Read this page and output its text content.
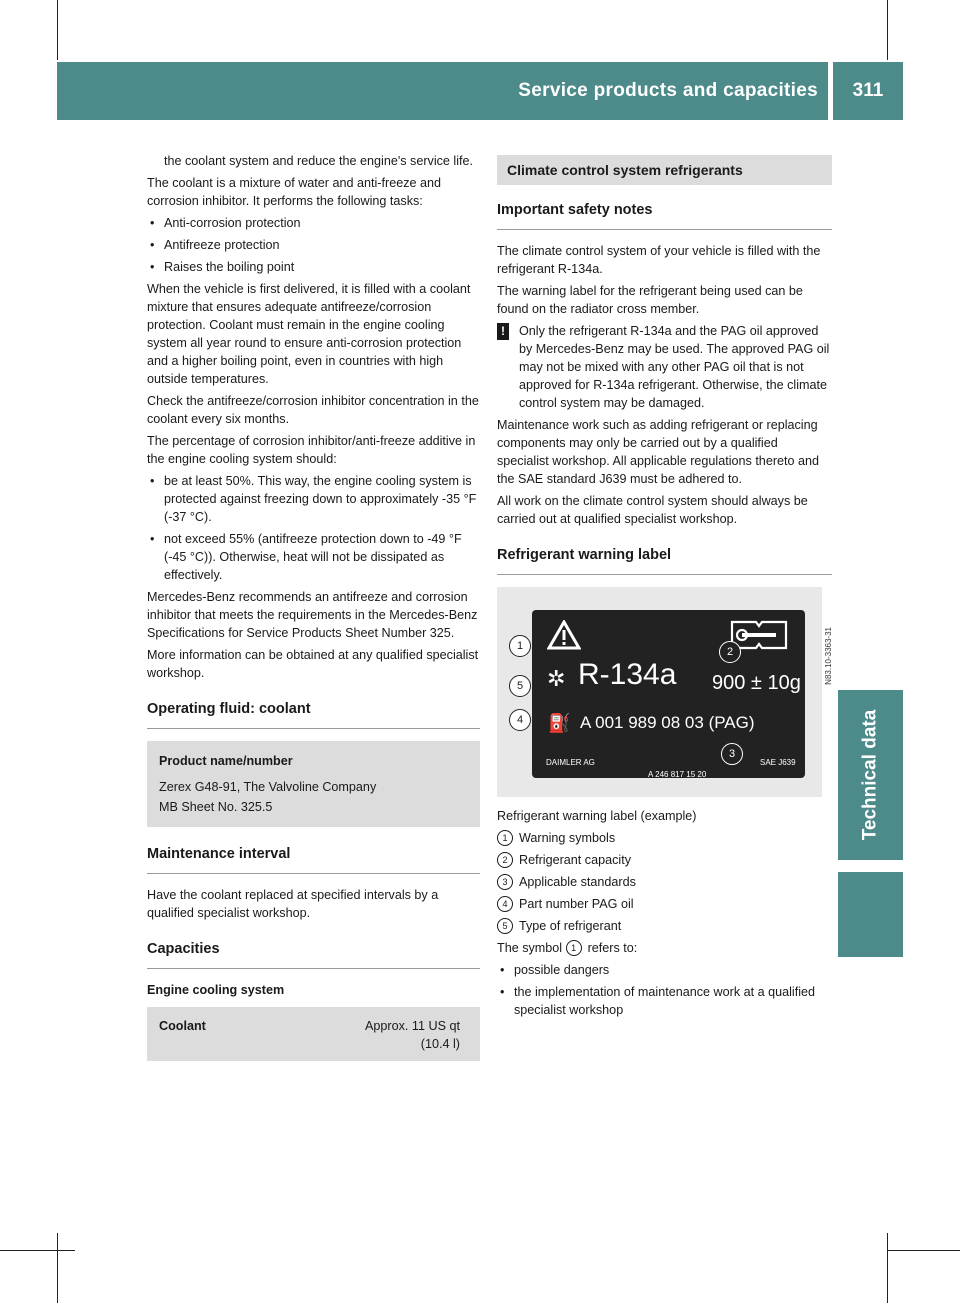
Service products and capacities 311
Technical data

the coolant system and reduce the engine's service life.

The coolant is a mixture of water and anti-freeze and corrosion inhibitor. It performs the following tasks:

• Anti-corrosion protection
• Antifreeze protection
• Raises the boiling point

When the vehicle is first delivered, it is filled with a coolant mixture that ensures adequate antifreeze/corrosion protection. Coolant must remain in the engine cooling system all year round to ensure anti-corrosion protection and a higher boiling point, even in countries with high outside temperatures.

Check the antifreeze/corrosion inhibitor concentration in the coolant every six months.

The percentage of corrosion inhibitor/anti-freeze additive in the engine cooling system should:

• be at least 50%. This way, the engine cooling system is protected against freezing down to approximately -35 °F (-37 °C).
• not exceed 55% (antifreeze protection down to -49 °F (-45 °C)). Otherwise, heat will not be dissipated as effectively.

Mercedes-Benz recommends an antifreeze and corrosion inhibitor that meets the requirements in the Mercedes-Benz Specifications for Service Products Sheet Number 325.

More information can be obtained at any qualified specialist workshop.

Operating fluid: coolant
Product name/number
Zerex G48-91, The Valvoline Company
MB Sheet No. 325.5
Maintenance interval

Have the coolant replaced at specified intervals by a qualified specialist workshop.

Capacities
Engine cooling system
Coolant	Approx. 11 US qt
(10.4 l)
Climate control system refrigerants
Important safety notes

The climate control system of your vehicle is filled with the refrigerant R-134a.

The warning label for the refrigerant being used can be found on the radiator cross member.

!	Only the refrigerant R-134a and the PAG oil approved by Mercedes-Benz may be used. The approved PAG oil may not be mixed with any other PAG oil that is not approved for R-134a refrigerant. Otherwise, the climate control system may be damaged.

Maintenance work such as adding refrigerant or replacing components may only be carried out by a qualified specialist workshop. All applicable regulations thereto and the SAE standard J639 must be adhered to.

All work on the climate control system should always be carried out at qualified specialist workshop.

Refrigerant warning label
✲ R-134a 900 ± 10g
⛽ A 001 989 08 03 (PAG)
DAIMLER AG
A 246 817 15 20
SAE J639
1
5
4
2
3
N83.10-3363-31

Refrigerant warning label (example)

1 Warning symbols
2 Refrigerant capacity
3 Applicable standards
4 Part number PAG oil
5 Type of refrigerant

The symbol
1 refers to:

• possible dangers
• the implementation of maintenance work at a qualified specialist workshop
